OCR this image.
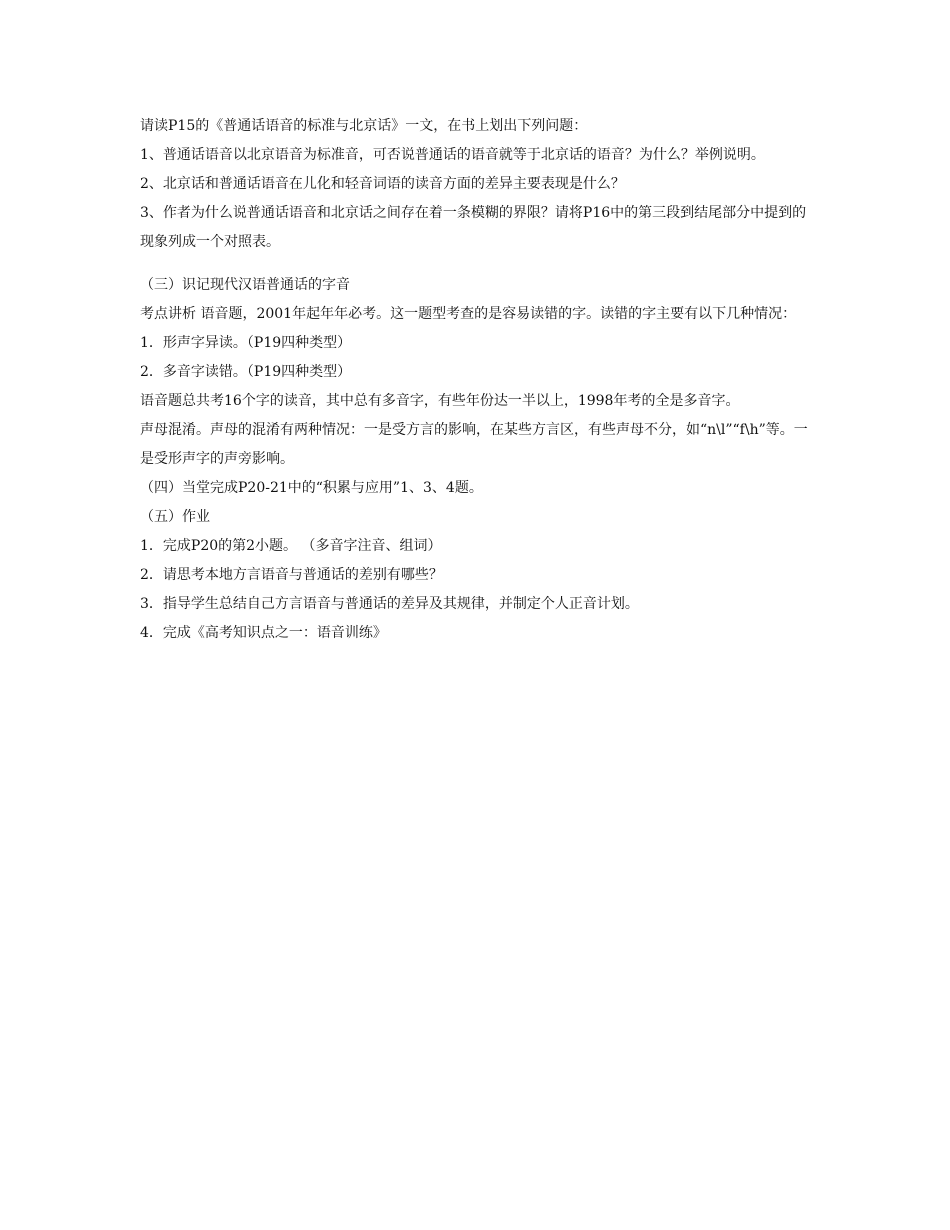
请读P15的《普通话语音的标准与北京话》一文，在书上划出下列问题：

1、普通话语音以北京语音为标准音，可否说普通话的语音就等于北京话的语音？为什么？举例说明。

2、北京话和普通话语音在儿化和轻音词语的读音方面的差异主要表现是什么？

3、作者为什么说普通话语音和北京话之间存在着一条模糊的界限？请将P16中的第三段到结尾部分中提到的现象列成一个对照表。

（三）识记现代汉语普通话的字音

考点讲析 语音题，2001年起年年必考。这一题型考查的是容易读错的字。读错的字主要有以下几种情况：

1．形声字异读。（P19四种类型）

2．多音字读错。（P19四种类型）

语音题总共考16个字的读音，其中总有多音字，有些年份达一半以上，1998年考的全是多音字。

声母混淆。声母的混淆有两种情况：一是受方言的影响，在某些方言区，有些声母不分，如“n\l”“f\h”等。一是受形声字的声旁影响。

（四）当堂完成P20-21中的“积累与应用”1、3、4题。

（五）作业

1．完成P20的第2小题。 （多音字注音、组词）

2．请思考本地方言语音与普通话的差别有哪些？

3．指导学生总结自己方言语音与普通话的差异及其规律，并制定个人正音计划。

4．完成《高考知识点之一：语音训练》
